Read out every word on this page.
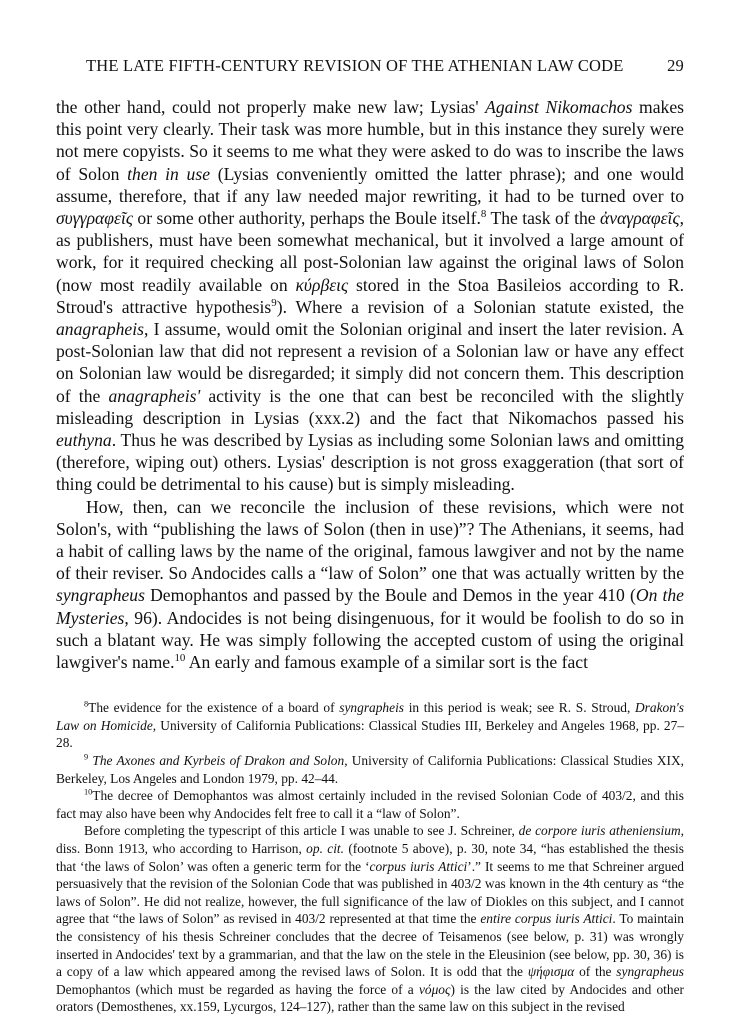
THE LATE FIFTH-CENTURY REVISION OF THE ATHENIAN LAW CODE	29

the other hand, could not properly make new law; Lysias' Against Nikomachos makes this point very clearly. Their task was more humble, but in this instance they surely were not mere copyists. So it seems to me what they were asked to do was to inscribe the laws of Solon then in use (Lysias conveniently omitted the latter phrase); and one would assume, therefore, that if any law needed major rewriting, it had to be turned over to συγγραφεῖς or some other authority, perhaps the Boule itself.$^8$ The task of the ἀναγραφεῖς, as publishers, must have been somewhat mechanical, but it involved a large amount of work, for it required checking all post-Solonian law against the original laws of Solon (now most readily available on κύρβεις stored in the Stoa Basileios according to R. Stroud's attractive hypothesis$^9$). Where a revision of a Solonian statute existed, the anagrapheis, I assume, would omit the Solonian original and insert the later revision. A post-Solonian law that did not represent a revision of a Solonian law or have any effect on Solonian law would be disregarded; it simply did not concern them. This description of the anagrapheis' activity is the one that can best be reconciled with the slightly misleading description in Lysias (xxx.2) and the fact that Nikomachos passed his euthyna. Thus he was described by Lysias as including some Solonian laws and omitting (therefore, wiping out) others. Lysias' description is not gross exaggeration (that sort of thing could be detrimental to his cause) but is simply misleading.

How, then, can we reconcile the inclusion of these revisions, which were not Solon's, with “publishing the laws of Solon (then in use)”? The Athenians, it seems, had a habit of calling laws by the name of the original, famous lawgiver and not by the name of their reviser. So Andocides calls a “law of Solon” one that was actually written by the syngrapheus Demophantos and passed by the Boule and Demos in the year 410 (On the Mysteries, 96). Andocides is not being disingenuous, for it would be foolish to do so in such a blatant way. He was simply following the accepted custom of using the original lawgiver's name.$^{10}$ An early and famous example of a similar sort is the fact

$^8$The evidence for the existence of a board of syngrapheis in this period is weak; see R. S. Stroud, Drakon's Law on Homicide, University of California Publications: Classical Studies III, Berkeley and Angeles 1968, pp. 27–28.

$^9$ The Axones and Kyrbeis of Drakon and Solon, University of California Publications: Classical Studies XIX, Berkeley, Los Angeles and London 1979, pp. 42–44.

$^{10}$The decree of Demophantos was almost certainly included in the revised Solonian Code of 403/2, and this fact may also have been why Andocides felt free to call it a “law of Solon”.

Before completing the typescript of this article I was unable to see J. Schreiner, de corpore iuris atheniensium, diss. Bonn 1913, who according to Harrison, op. cit. (footnote 5 above), p. 30, note 34, “has established the thesis that ‘the laws of Solon’ was often a generic term for the ‘corpus iuris Attici’.” It seems to me that Schreiner argued persuasively that the revision of the Solonian Code that was published in 403/2 was known in the 4th century as “the laws of Solon”. He did not realize, however, the full significance of the law of Diokles on this subject, and I cannot agree that “the laws of Solon” as revised in 403/2 represented at that time the entire corpus iuris Attici. To maintain the consistency of his thesis Schreiner concludes that the decree of Teisamenos (see below, p. 31) was wrongly inserted in Andocides' text by a grammarian, and that the law on the stele in the Eleusinion (see below, pp. 30, 36) is a copy of a law which appeared among the revised laws of Solon. It is odd that the ψήφισμα of the syngrapheus Demophantos (which must be regarded as having the force of a νόμος) is the law cited by Andocides and other orators (Demosthenes, xx.159, Lycurgos, 124–127), rather than the same law on this subject in the revised
